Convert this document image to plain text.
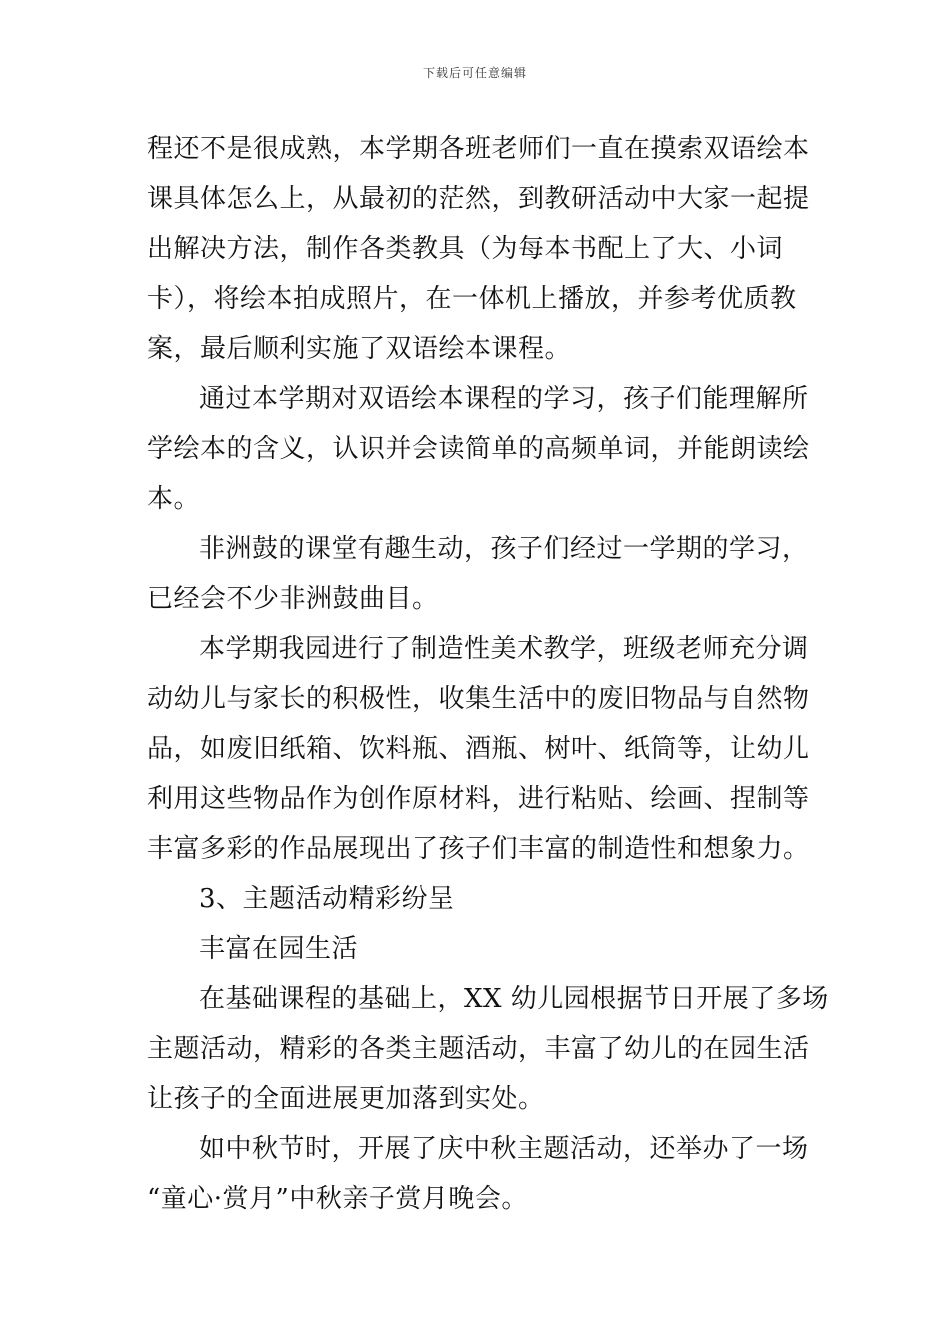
下载后可任意编辑
程还不是很成熟，本学期各班老师们一直在摸索双语绘本
课具体怎么上，从最初的茫然，到教研活动中大家一起提
出解决方法，制作各类教具（为每本书配上了大、小词
卡），将绘本拍成照片，在一体机上播放，并参考优质教
案，最后顺利实施了双语绘本课程。
通过本学期对双语绘本课程的学习，孩子们能理解所
学绘本的含义，认识并会读简单的高频单词，并能朗读绘
本。
非洲鼓的课堂有趣生动，孩子们经过一学期的学习，
已经会不少非洲鼓曲目。
本学期我园进行了制造性美术教学，班级老师充分调
动幼儿与家长的积极性，收集生活中的废旧物品与自然物
品，如废旧纸箱、饮料瓶、酒瓶、树叶、纸筒等，让幼儿
利用这些物品作为创作原材料，进行粘贴、绘画、捏制等
丰富多彩的作品展现出了孩子们丰富的制造性和想象力。
3、主题活动精彩纷呈
丰富在园生活
在基础课程的基础上，XX 幼儿园根据节日开展了多场
主题活动，精彩的各类主题活动，丰富了幼儿的在园生活
让孩子的全面进展更加落到实处。
如中秋节时，开展了庆中秋主题活动，还举办了一场
“童心·赏月”中秋亲子赏月晚会。
